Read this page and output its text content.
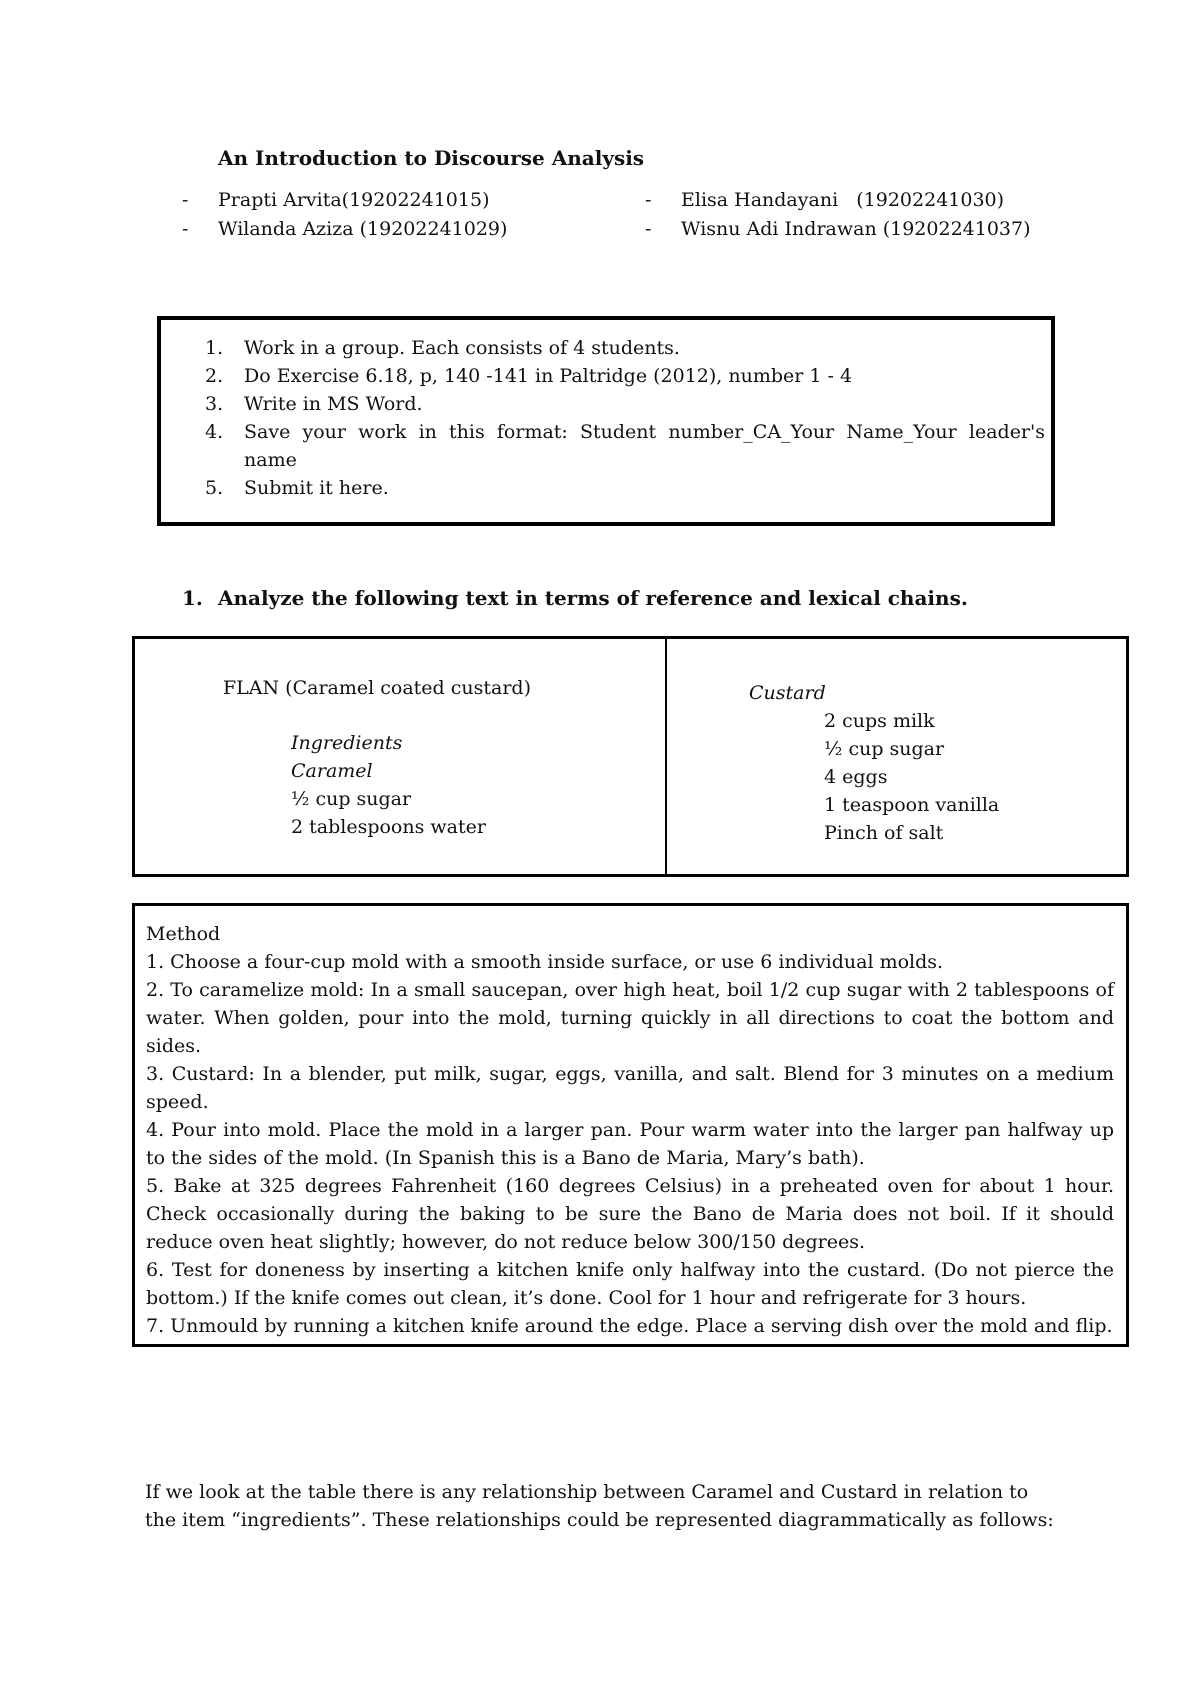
An Introduction to Discourse Analysis
-	Prapti Arvita(19202241015)
-	Wilanda Aziza (19202241029)
-	Elisa Handayani   (19202241030)
-	Wisnu Adi Indrawan (19202241037)
1.	Work in a group. Each consists of 4 students.
2.	Do Exercise 6.18, p, 140 -141 in Paltridge (2012), number 1 - 4
3.	Write in MS Word.
4.	Save your work in this format: Student number_CA_Your Name_Your leader's name
5.	Submit it here.
1. Analyze the following text in terms of reference and lexical chains.
FLAN (Caramel coated custard)
Ingredients
Caramel
½ cup sugar
2 tablespoons water
Custard
2 cups milk
½ cup sugar
4 eggs
1 teaspoon vanilla
Pinch of salt

Method

1. Choose a four-cup mold with a smooth inside surface, or use 6 individual molds.

2. To caramelize mold: In a small saucepan, over high heat, boil 1/2 cup sugar with 2 tablespoons of water. When golden, pour into the mold, turning quickly in all directions to coat the bottom and sides.

3. Custard: In a blender, put milk, sugar, eggs, vanilla, and salt. Blend for 3 minutes on a medium speed.

4. Pour into mold. Place the mold in a larger pan. Pour warm water into the larger pan halfway up to the sides of the mold. (In Spanish this is a Bano de Maria, Mary’s bath).

5. Bake at 325 degrees Fahrenheit (160 degrees Celsius) in a preheated oven for about 1 hour. Check occasionally during the baking to be sure the Bano de Maria does not boil. If it should reduce oven heat slightly; however, do not reduce below 300/150 degrees.

6. Test for doneness by inserting a kitchen knife only halfway into the custard. (Do not pierce the bottom.) If the knife comes out clean, it’s done. Cool for 1 hour and refrigerate for 3 hours.

7. Unmould by running a kitchen knife around the edge. Place a serving dish over the mold and flip.

If we look at the table there is any relationship between Caramel and Custard in relation to the item “ingredients”. These relationships could be represented diagrammatically as follows:
